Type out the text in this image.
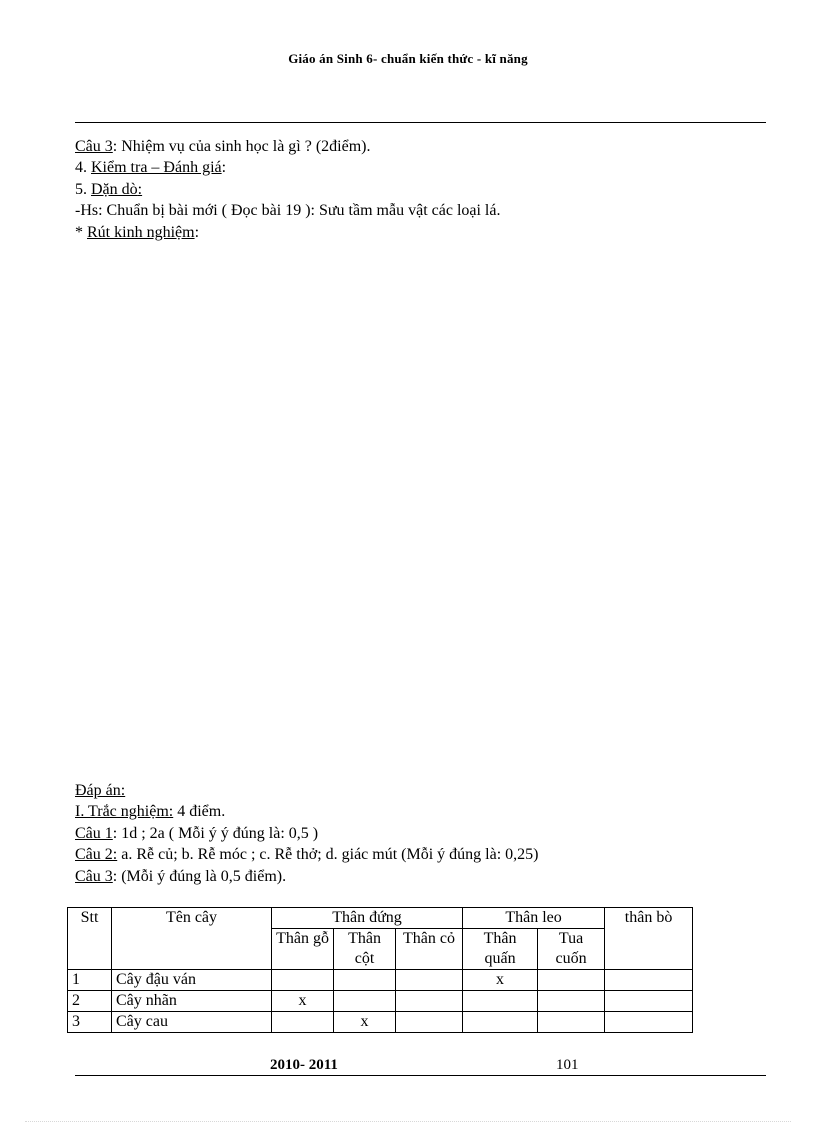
Giáo án Sinh 6- chuẩn kiến thức - kĩ năng
Câu 3: Nhiệm vụ của sinh học là gì ? (2điểm).
4. Kiểm tra – Đánh giá:
5. Dặn dò:
-Hs: Chuẩn bị bài mới ( Đọc bài 19 ): Sưu tầm mẫu vật các loại lá.
* Rút kinh nghiệm:
Đáp án:
I. Trắc nghiệm: 4 điểm.
Câu 1: 1d ; 2a ( Mỗi ý ý đúng là: 0,5 )
Câu 2: a. Rễ củ; b. Rễ móc ; c. Rễ thở; d. giác mút (Mỗi ý đúng là: 0,25)
Câu 3: (Mỗi ý đúng là 0,5 điểm).
Stt	Tên cây	Thân đứng			Thân leo		thân bò
		Thân gỗ	Thân cột	Thân cỏ	Thân quấn	Tua cuốn	
1	Cây đậu ván				x		
2	Cây nhãn	x					
3	Cây cau		x				
2010- 2011	101
